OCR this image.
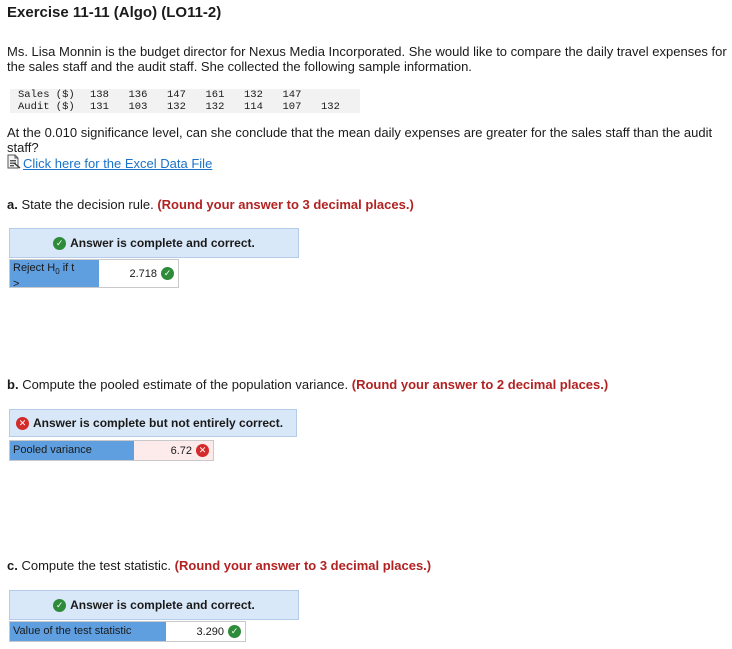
Exercise 11-11 (Algo) (LO11-2)
Ms. Lisa Monnin is the budget director for Nexus Media Incorporated. She would like to compare the daily travel expenses for the sales staff and the audit staff. She collected the following sample information.
Sales ($)	138	136	147	161	132	147	
Audit ($)	131	103	132	132	114	107	132
At the 0.010 significance level, can she conclude that the mean daily expenses are greater for the sales staff than the audit staff?
Click here for the Excel Data File
a. State the decision rule. (Round your answer to 3 decimal places.)
✓ Answer is complete and correct.
Reject $H_0$ if t
>
2.718 ✓
b. Compute the pooled estimate of the population variance. (Round your answer to 2 decimal places.)
✕ Answer is complete but not entirely correct.
Pooled variance	6.72 ✕
c. Compute the test statistic. (Round your answer to 3 decimal places.)
✓ Answer is complete and correct.
Value of the test statistic	3.290 ✓
